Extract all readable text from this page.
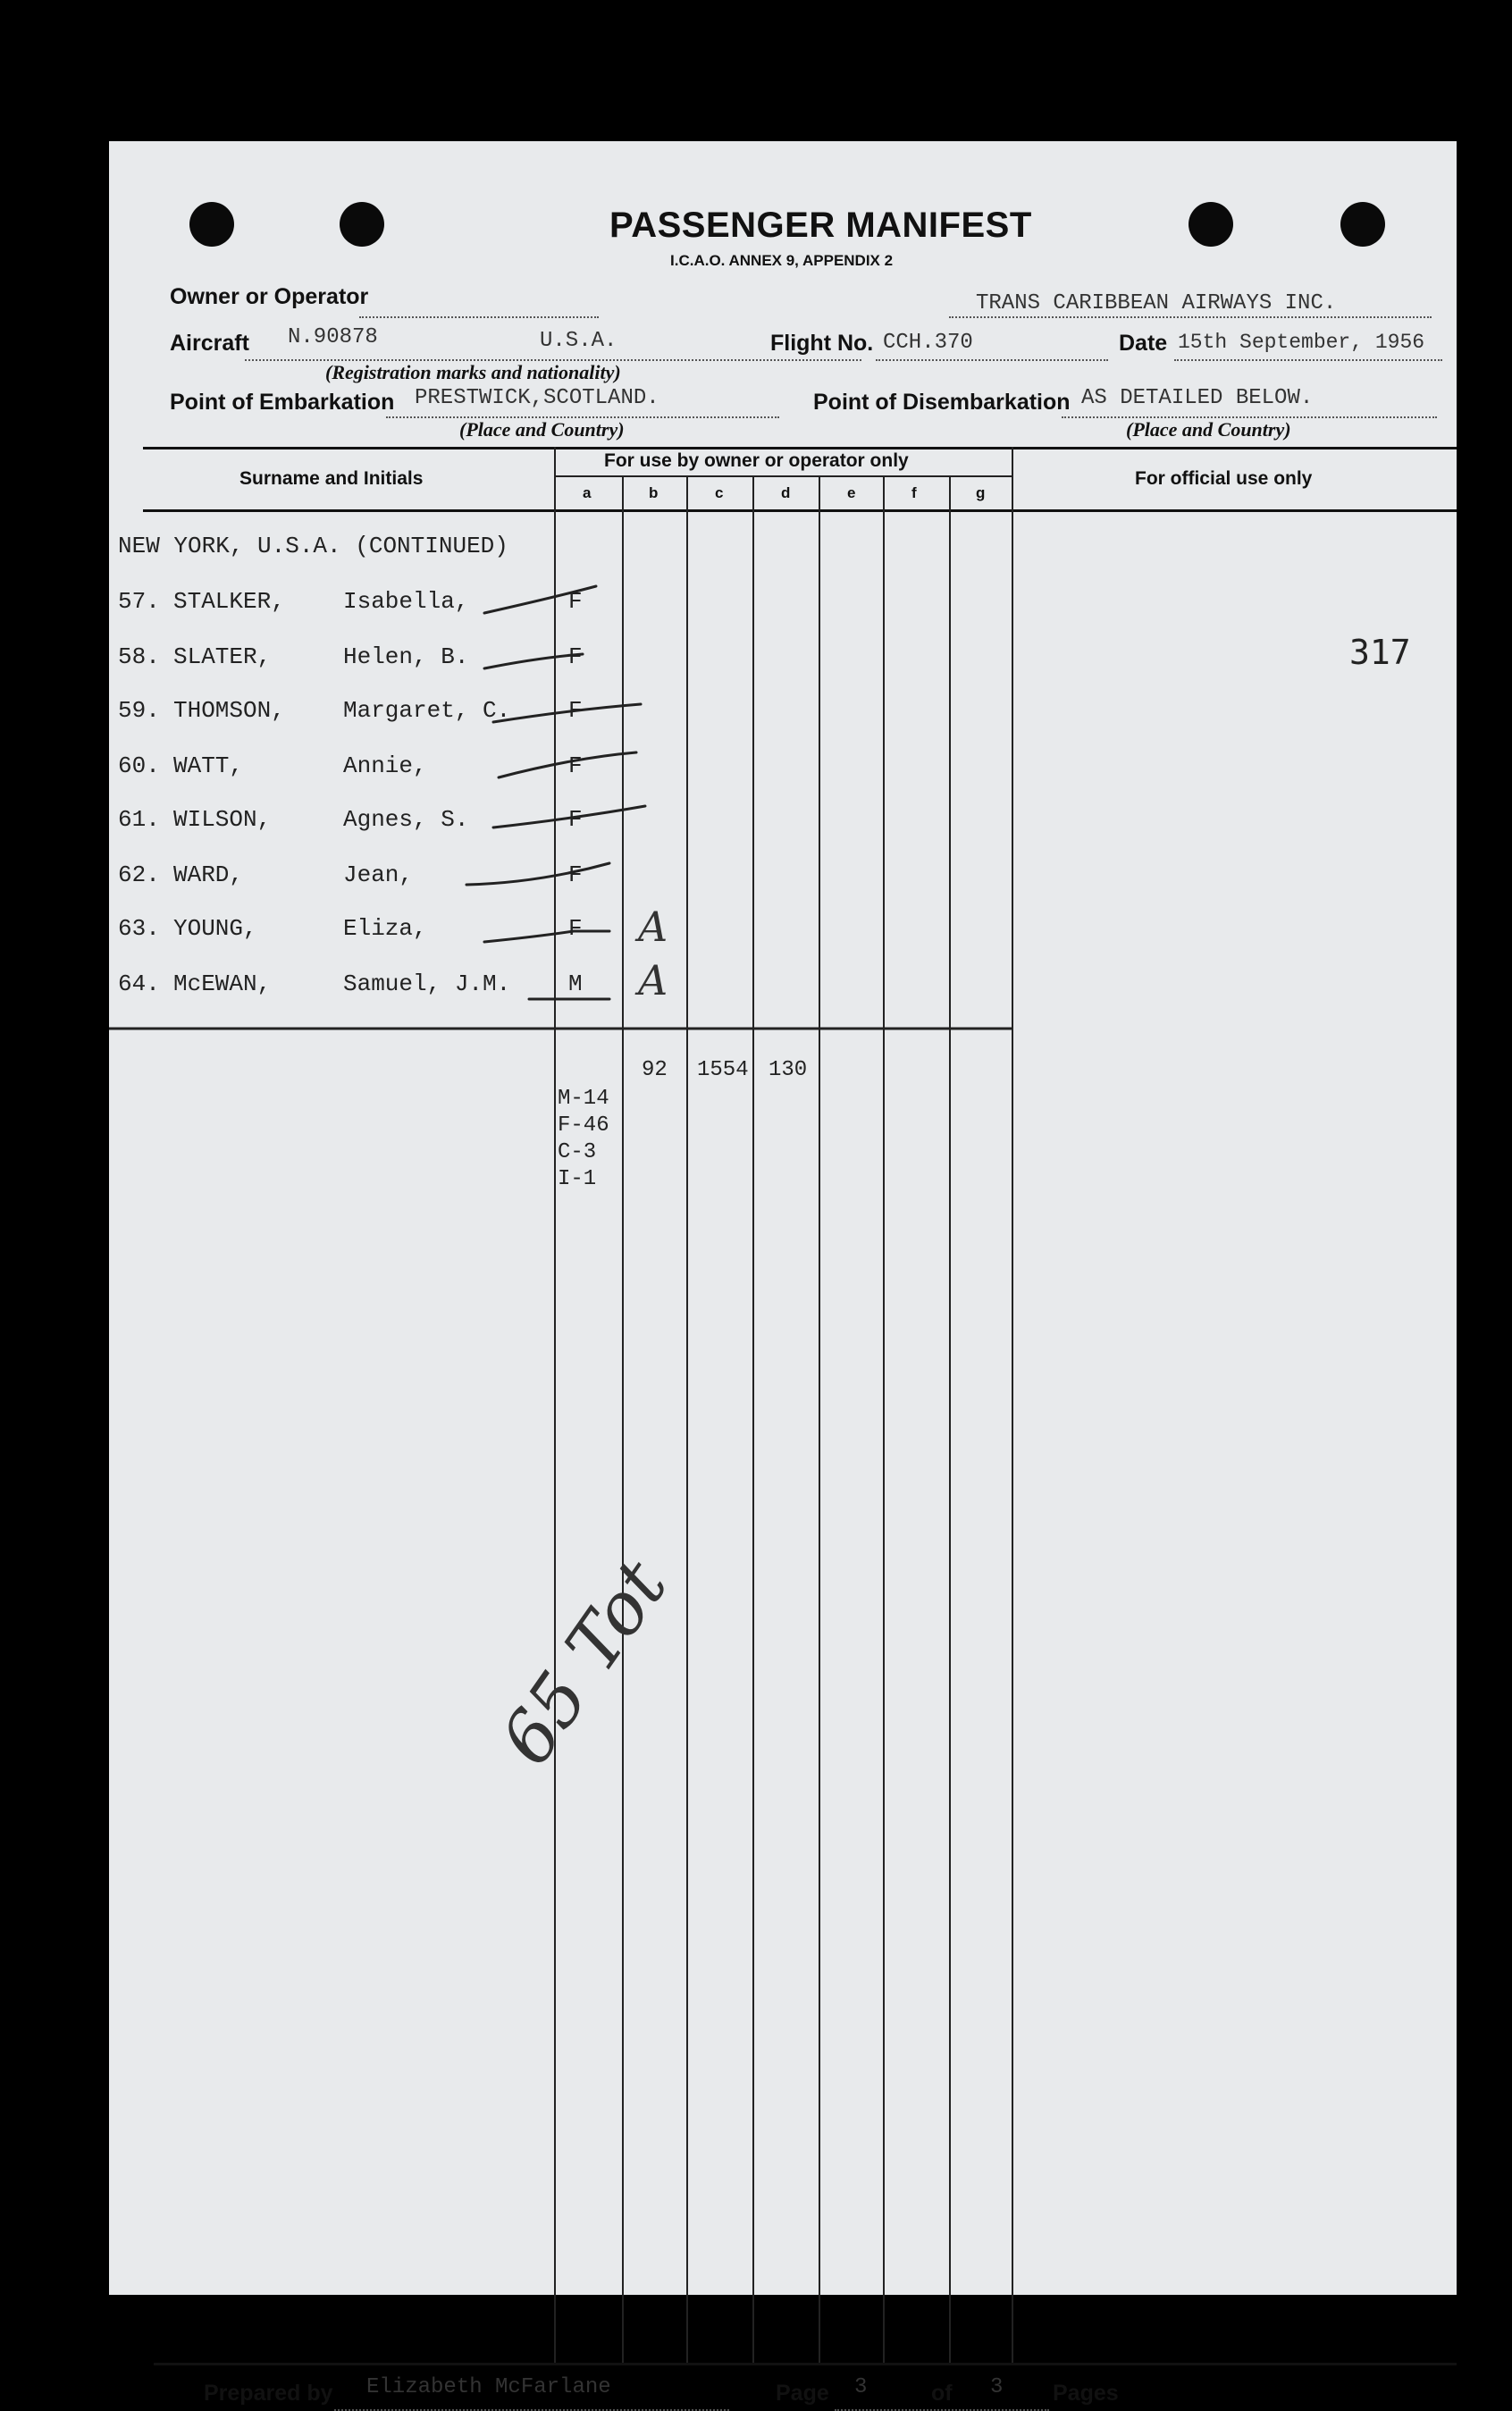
PASSENGER MANIFEST
I.C.A.O. ANNEX 9, APPENDIX 2
Owner or Operator	TRANS CARIBBEAN AIRWAYS INC.
Aircraft N.90878	U.S.A.
(Registration marks and nationality)
Flight No. CCH.370	Date 15th September, 1956
Point of Embarkation PRESTWICK,SCOTLAND.
(Place and Country)
Point of Disembarkation AS DETAILED BELOW.
(Place and Country)
Surname and Initials
For use by owner or operator only
For official use only
a	b	c	d	e	f	g
NEW YORK, U.S.A. (CONTINUED)
57. STALKER,	Isabella,	F
58. SLATER,	Helen, B.	F
59. THOMSON,	Margaret, C. F
60. WATT,	Annie,	F
61. WILSON,	Agnes, S.	F
62. WARD,	Jean,	F
63. YOUNG,	Eliza,	F A
64. McEWAN,	Samuel, J.M. M A
M-14
F-46
C-3
I-1
92 1554 130
317
65 Tot
Prepared by Elizabeth McFarlane	Page 3	of 3 Pages
